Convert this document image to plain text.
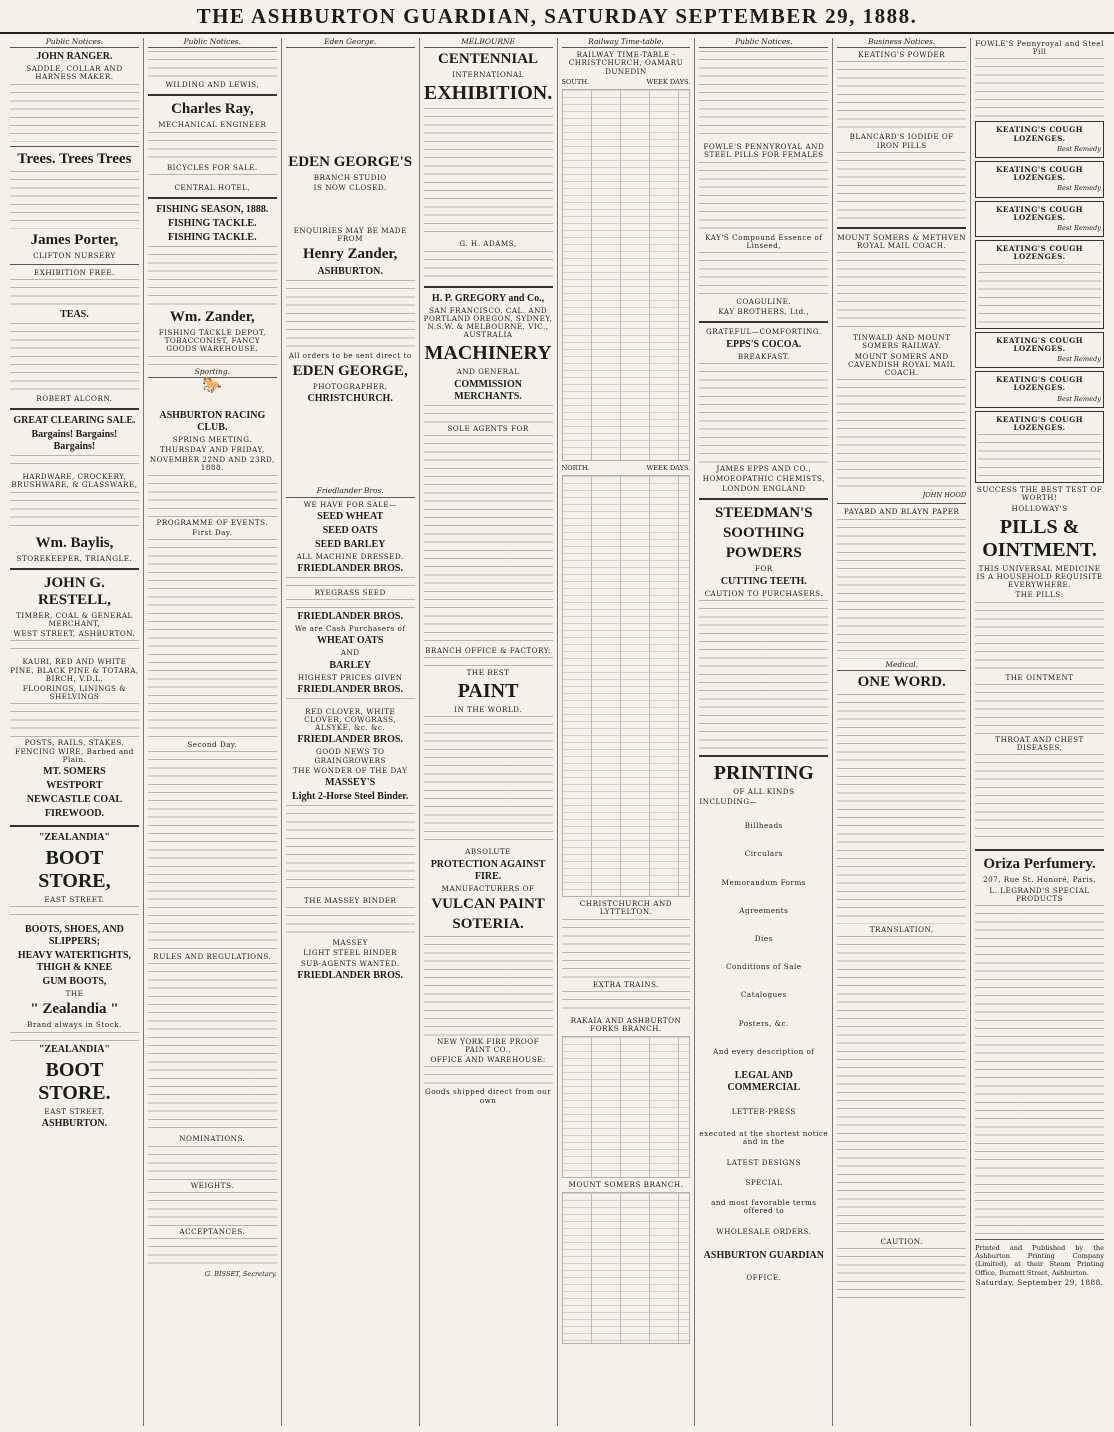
THE ASHBURTON GUARDIAN, SATURDAY SEPTEMBER 29, 1888.
Public Notices.
JOHN RANGER.
SADDLE, COLLAR AND HARNESS MAKER.
Trees. Trees Trees
James Porter,
CLIFTON NURSERY
EXHIBITION FREE.
TEAS.
ROBERT ALCORN.
GREAT CLEARING SALE.
Bargains! Bargains! Bargains!
HARDWARE, CROCKERY, BRUSHWARE, & GLASSWARE,
Wm. Baylis,
STOREKEEPER, TRIANGLE.
JOHN G. RESTELL,
TIMBER, COAL & GENERAL MERCHANT,
WEST STREET, ASHBURTON.
KAURI, RED AND WHITE PINE, BLACK PINE & TOTARA, BIRCH, V.D.L.
FLOORINGS, LININGS & SHELVINGS
POSTS, RAILS, STAKES, FENCING WIRE, Barbed and Plain.
MT. SOMERS
WESTPORT
NEWCASTLE COAL
FIREWOOD.
"ZEALANDIA"
BOOT STORE,
EAST STREET.
BOOTS, SHOES, AND SLIPPERS;
HEAVY WATERTIGHTS, THIGH & KNEE
GUM BOOTS,
THE
" Zealandia "
Brand always in Stock.
"ZEALANDIA"
BOOT STORE.
EAST STREET,
ASHBURTON.
Public Notices.
WILDING AND LEWIS,
Charles Ray,
MECHANICAL ENGINEER
BICYCLES FOR SALE.
CENTRAL HOTEL,
FISHING SEASON, 1888.
FISHING TACKLE.
FISHING TACKLE.
Wm. Zander,
FISHING TACKLE DEPOT, TOBACCONIST, FANCY GOODS WAREHOUSE.
Sporting.
🐎
ASHBURTON RACING CLUB.
SPRING MEETING.
THURSDAY AND FRIDAY,
NOVEMBER 22ND AND 23RD, 1888.
PROGRAMME OF EVENTS.
First Day.
Second Day.
RULES AND REGULATIONS.
NOMINATIONS.
WEIGHTS.
ACCEPTANCES.
G. BISSET, Secretary.
Eden George.
EDEN GEORGE'S
BRANCH STUDIO
IS NOW CLOSED.
ENQUIRIES MAY BE MADE FROM
Henry Zander,
ASHBURTON.
All orders to be sent direct to
EDEN GEORGE,
PHOTOGRAPHER,
CHRISTCHURCH.
Friedlander Bros.
WE HAVE FOR SALE—
SEED WHEAT
SEED OATS
SEED BARLEY
ALL MACHINE DRESSED.
FRIEDLANDER BROS.
RYEGRASS SEED
FRIEDLANDER BROS.
We are Cash Purchasers of
WHEAT OATS
AND
BARLEY
HIGHEST PRICES GIVEN
FRIEDLANDER BROS.
RED CLOVER, WHITE CLOVER, COWGRASS, ALSYKE, &c. &c.
FRIEDLANDER BROS.
GOOD NEWS TO GRAINGROWERS
THE WONDER OF THE DAY
MASSEY'S
Light 2-Horse Steel Binder.
THE MASSEY BINDER
MASSEY
LIGHT STEEL BINDER
SUB-AGENTS WANTED.
FRIEDLANDER BROS.
MELBOURNE
CENTENNIAL
INTERNATIONAL
EXHIBITION.
G. H. ADAMS,
H. P. GREGORY and Co.,
SAN FRANCISCO, CAL. AND PORTLAND OREGON, SYDNEY, N.S.W. & MELBOURNE, VIC., AUSTRALIA
MACHINERY
AND GENERAL
COMMISSION MERCHANTS.
SOLE AGENTS FOR
BRANCH OFFICE & FACTORY:
THE BEST
PAINT
IN THE WORLD.
ABSOLUTE
PROTECTION AGAINST FIRE.
MANUFACTURERS OF
VULCAN PAINT
SOTERIA.
NEW YORK FIRE PROOF PAINT CO.,
OFFICE AND WAREHOUSE:
Goods shipped direct from our own
Railway Time-table.
RAILWAY TIME-TABLE - CHRISTCHURCH, OAMARU DUNEDIN
SOUTH.	WEEK DAYS.
NORTH.	WEEK DAYS.
CHRISTCHURCH AND LYTTELTON.
EXTRA TRAINS.
RAKAIA AND ASHBURTON FORKS BRANCH.
MOUNT SOMERS BRANCH.
Public Notices.
FOWLE'S PENNYROYAL AND STEEL PILLS FOR FEMALES
KAY'S Compound Essence of Linseed,
COAGULINE.
KAY BROTHERS, Ltd.,
GRATEFUL—COMFORTING.
EPPS'S COCOA.
BREAKFAST.
JAMES EPPS AND CO.,
HOMOEOPATHIC CHEMISTS,
LONDON ENGLAND
STEEDMAN'S
SOOTHING
POWDERS
FOR
CUTTING TEETH.
CAUTION TO PURCHASERS.
PRINTING
OF ALL KINDS
INCLUDING—
Billheads
Circulars
Memorandum Forms
Agreements
Dies
Conditions of Sale
Catalogues
Posters, &c.
And every description of
LEGAL AND COMMERCIAL
LETTER-PRESS
executed at the shortest notice and in the
LATEST DESIGNS
SPECIAL
and most favorable terms offered to
WHOLESALE ORDERS.
ASHBURTON GUARDIAN
OFFICE.
Business Notices.
KEATING'S POWDER
BLANCARD'S IODIDE OF IRON PILLS
MOUNT SOMERS & METHVEN ROYAL MAIL COACH.
TINWALD AND MOUNT SOMERS RAILWAY.
MOUNT SOMERS AND CAVENDISH ROYAL MAIL COACH.
JOHN HOOD
PAYARD AND BLAYN PAPER
Medical.
ONE WORD.
TRANSLATION.
CAUTION.
FOWLE'S Pennyroyal and Steel Pill
KEATING'S COUGH LOZENGES.
Best Remedy
KEATING'S COUGH LOZENGES.
Best Remedy
KEATING'S COUGH LOZENGES.
Best Remedy
KEATING'S COUGH LOZENGES.
KEATING'S COUGH LOZENGES.
Best Remedy
KEATING'S COUGH LOZENGES.
Best Remedy
KEATING'S COUGH LOZENGES.
SUCCESS THE BEST TEST OF WORTH!
HOLLOWAY'S
PILLS & OINTMENT.
THIS UNIVERSAL MEDICINE IS A HOUSEHOLD REQUISITE EVERYWHERE.
THE PILLS:
THE OINTMENT
THROAT AND CHEST DISEASES,
Oriza Perfumery.
207, Rue St. Honoré, Paris,
L. LEGRAND'S SPECIAL PRODUCTS
Printed and Published by the Ashburton Printing Company (Limited), at their Steam Printing Office, Burnett Street, Ashburton.
Saturday, September 29, 1888.
